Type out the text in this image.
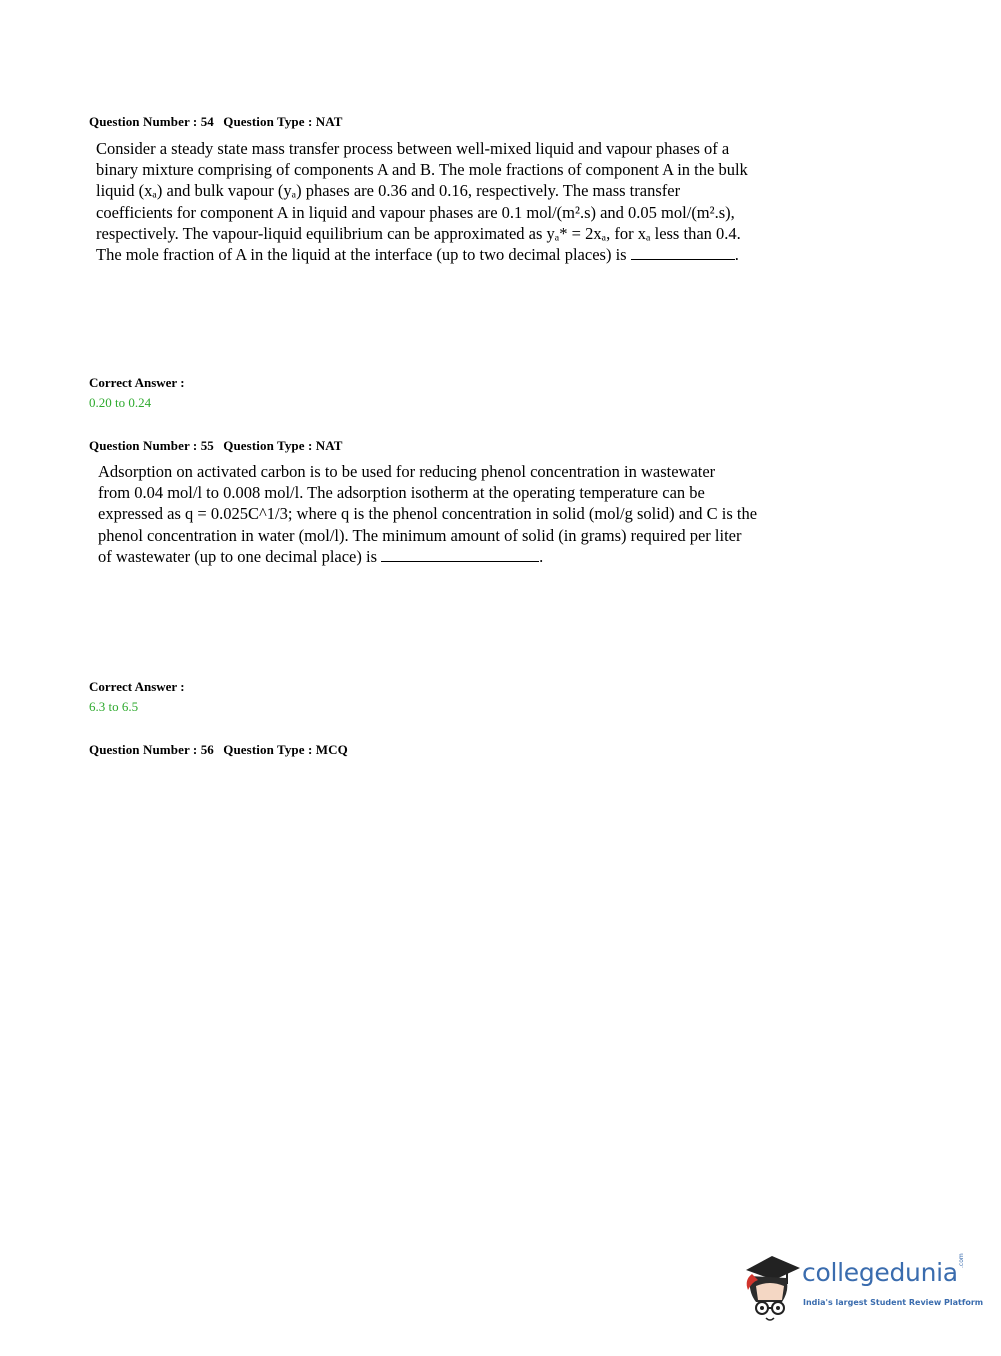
Question Number : 54 Question Type : NAT
Consider a steady state mass transfer process between well-mixed liquid and vapour phases of a
binary mixture comprising of components A and B. The mole fractions of component A in the bulk
liquid (xₐ) and bulk vapour (yₐ) phases are 0.36 and 0.16, respectively. The mass transfer
coefficients for component A in liquid and vapour phases are 0.1 mol/(m².s) and 0.05 mol/(m².s),
respectively. The vapour-liquid equilibrium can be approximated as yₐ* = 2xₐ, for xₐ less than 0.4.
The mole fraction of A in the liquid at the interface (up to two decimal places) is	.
Correct Answer :
0.20 to 0.24
Question Number : 55 Question Type : NAT
Adsorption on activated carbon is to be used for reducing phenol concentration in wastewater
from 0.04 mol/l to 0.008 mol/l. The adsorption isotherm at the operating temperature can be
expressed as q = 0.025C^1/3; where q is the phenol concentration in solid (mol/g solid) and C is the
phenol concentration in water (mol/l). The minimum amount of solid (in grams) required per liter
of wastewater (up to one decimal place) is	.
Correct Answer :
6.3 to 6.5
Question Number : 56 Question Type : MCQ
collegedunia .com
India's largest Student Review Platform
